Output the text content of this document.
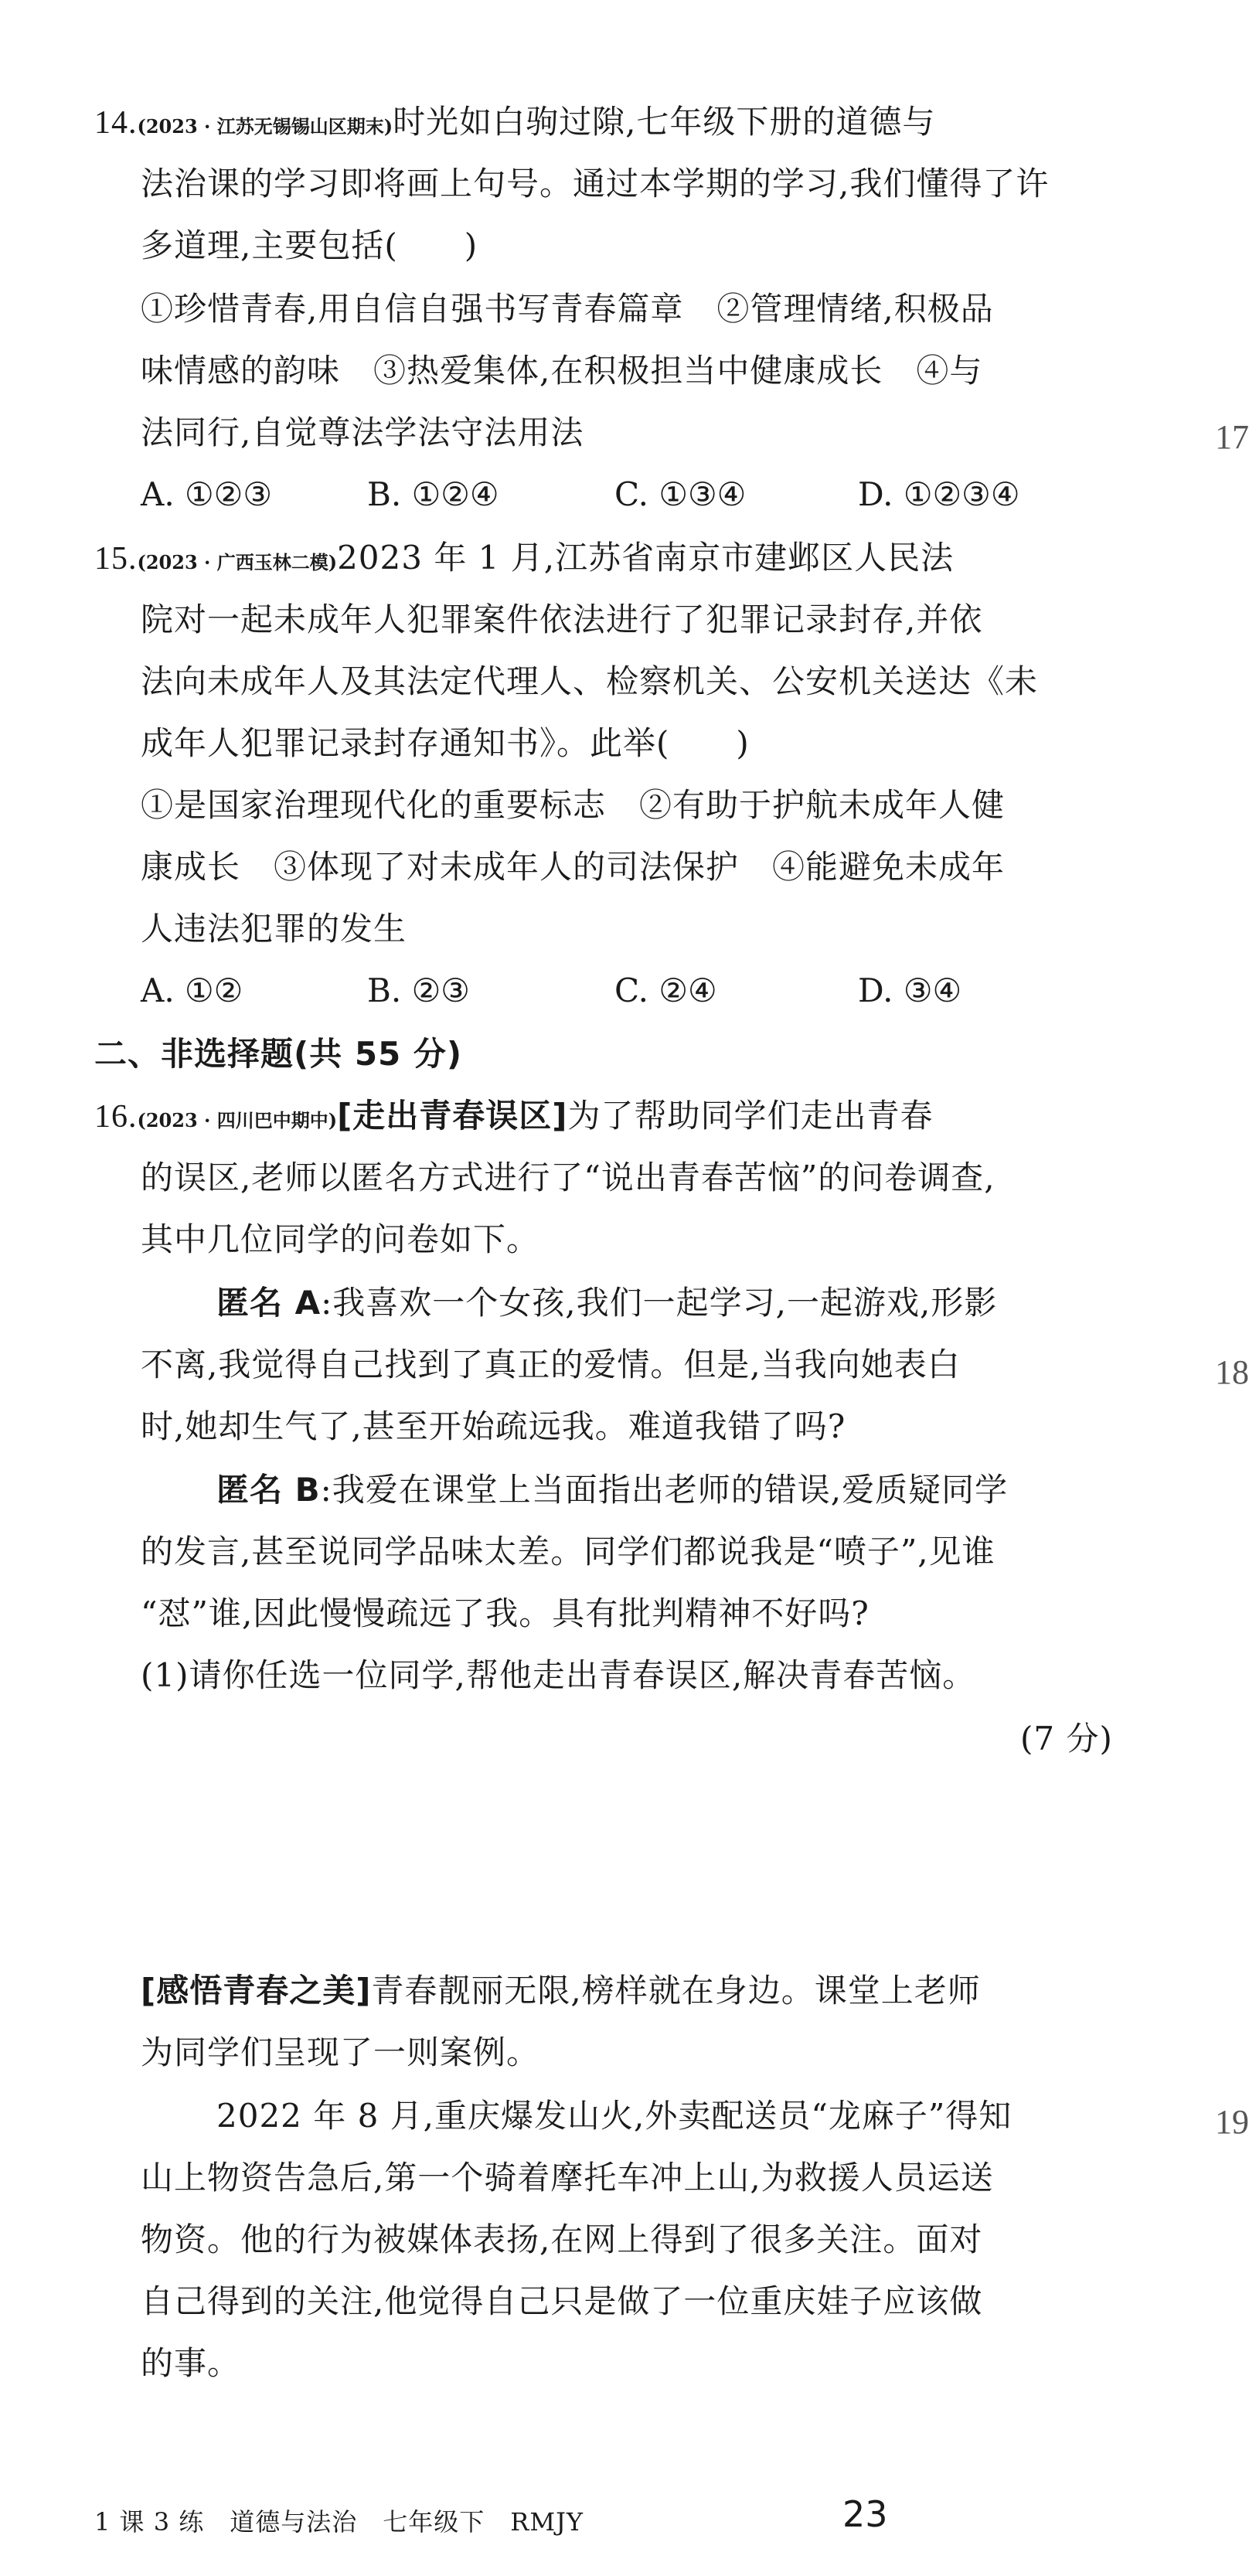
14.(2023 · 江苏无锡锡山区期末)时光如白驹过隙,七年级下册的道德与
法治课的学习即将画上句号。通过本学期的学习,我们懂得了许
多道理,主要包括(　　)
①珍惜青春,用自信自强书写青春篇章　②管理情绪,积极品
味情感的韵味　③热爱集体,在积极担当中健康成长　④与
法同行,自觉尊法学法守法用法
A. ①②③	B. ①②④	C. ①③④	D. ①②③④
15.(2023 · 广西玉林二模)2023 年 1 月,江苏省南京市建邺区人民法
院对一起未成年人犯罪案件依法进行了犯罪记录封存,并依
法向未成年人及其法定代理人、检察机关、公安机关送达《未
成年人犯罪记录封存通知书》。此举(　　)
①是国家治理现代化的重要标志　②有助于护航未成年人健
康成长　③体现了对未成年人的司法保护　④能避免未成年
人违法犯罪的发生
A. ①②	B. ②③	C. ②④	D. ③④
二、非选择题(共 55 分)
16.(2023 · 四川巴中期中)[走出青春误区]为了帮助同学们走出青春
的误区,老师以匿名方式进行了“说出青春苦恼”的问卷调查,
其中几位同学的问卷如下。
匿名 A:我喜欢一个女孩,我们一起学习,一起游戏,形影
不离,我觉得自己找到了真正的爱情。但是,当我向她表白
时,她却生气了,甚至开始疏远我。难道我错了吗?
匿名 B:我爱在课堂上当面指出老师的错误,爱质疑同学
的发言,甚至说同学品味太差。同学们都说我是“喷子”,见谁
“怼”谁,因此慢慢疏远了我。具有批判精神不好吗?
(1)请你任选一位同学,帮他走出青春误区,解决青春苦恼。
(7 分)
[感悟青春之美]青春靓丽无限,榜样就在身边。课堂上老师
为同学们呈现了一则案例。
2022 年 8 月,重庆爆发山火,外卖配送员“龙麻子”得知
山上物资告急后,第一个骑着摩托车冲上山,为救援人员运送
物资。他的行为被媒体表扬,在网上得到了很多关注。面对
自己得到的关注,他觉得自己只是做了一位重庆娃子应该做
的事。
17
18
19
1 课 3 练　道德与法治　七年级下　RMJY	23
